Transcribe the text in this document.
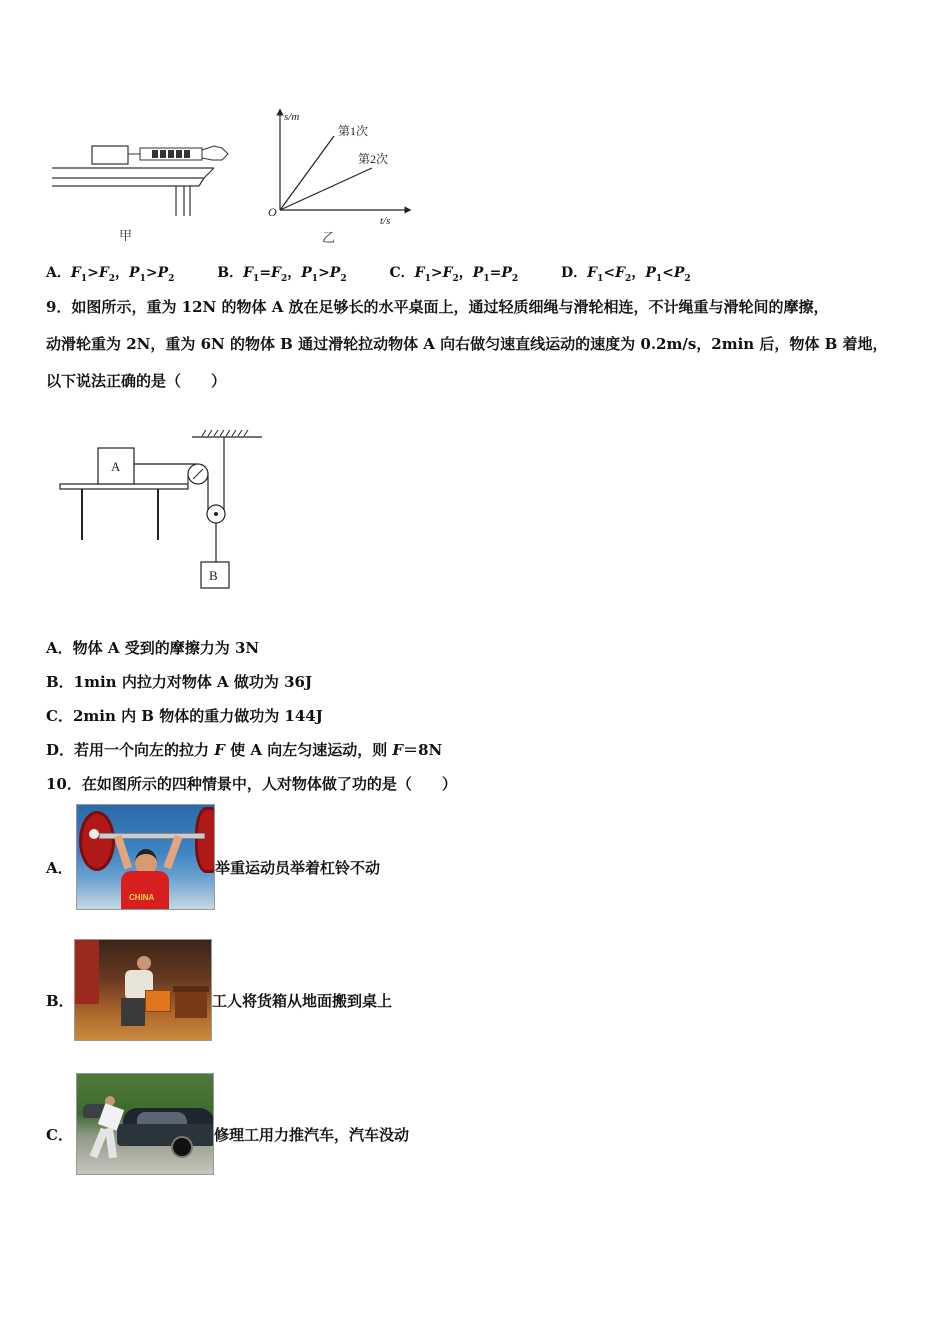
甲
s/m
t/s
O
第1次
第2次
乙
A．$F_1>F_2$，$P_1>P_2$	B．$F_1=F_2$，$P_1>P_2$	C．$F_1>F_2$，$P_1=P_2$	D．$F_1<F_2$，$P_1<P_2$
9．如图所示，重为 12N 的物体 A 放在足够长的水平桌面上，通过轻质细绳与滑轮相连，不计绳重与滑轮间的摩擦，
动滑轮重为 2N，重为 6N 的物体 B 通过滑轮拉动物体 A 向右做匀速直线运动的速度为 0.2m/s，2min 后，物体 B 着地，
以下说法正确的是（　　）
A
B
A．物体 A 受到的摩擦力为 3N
B．1min 内拉力对物体 A 做功为 36J
C．2min 内 B 物体的重力做功为 144J
D．若用一个向左的拉力 F 使 A 向左匀速运动，则 F＝8N
10．在如图所示的四种情景中，人对物体做了功的是（　　）
A．
CHINA
举重运动员举着杠铃不动
B．	工人将货箱从地面搬到桌上
C．	修理工用力推汽车，汽车没动
